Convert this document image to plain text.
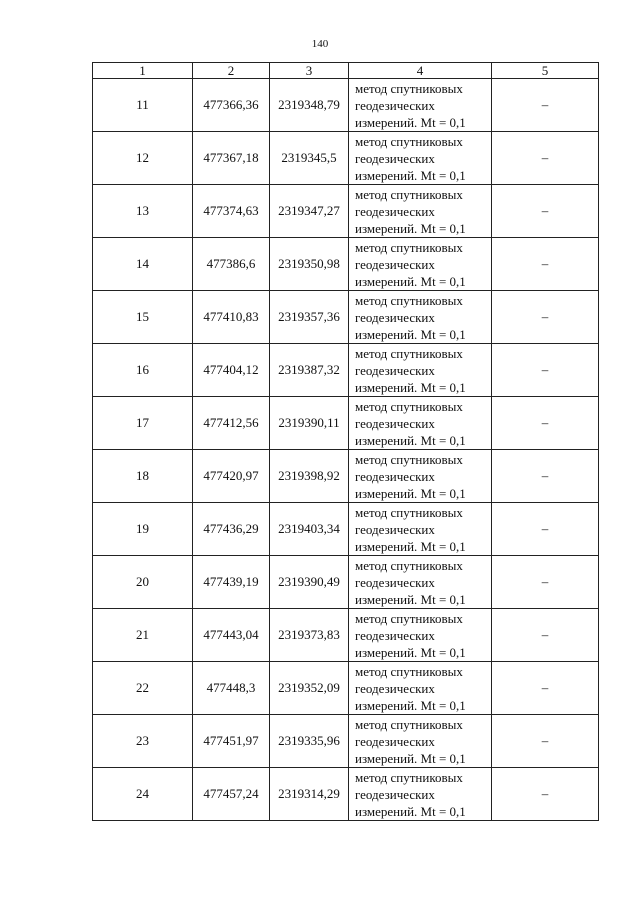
140
1	2	3	4	5
11	477366,36	2319348,79	метод спутниковых
геодезических
измерений. Mt = 0,1	–
12	477367,18	2319345,5	метод спутниковых
геодезических
измерений. Mt = 0,1	–
13	477374,63	2319347,27	метод спутниковых
геодезических
измерений. Mt = 0,1	–
14	477386,6	2319350,98	метод спутниковых
геодезических
измерений. Mt = 0,1	–
15	477410,83	2319357,36	метод спутниковых
геодезических
измерений. Mt = 0,1	–
16	477404,12	2319387,32	метод спутниковых
геодезических
измерений. Mt = 0,1	–
17	477412,56	2319390,11	метод спутниковых
геодезических
измерений. Mt = 0,1	–
18	477420,97	2319398,92	метод спутниковых
геодезических
измерений. Mt = 0,1	–
19	477436,29	2319403,34	метод спутниковых
геодезических
измерений. Mt = 0,1	–
20	477439,19	2319390,49	метод спутниковых
геодезических
измерений. Mt = 0,1	–
21	477443,04	2319373,83	метод спутниковых
геодезических
измерений. Mt = 0,1	–
22	477448,3	2319352,09	метод спутниковых
геодезических
измерений. Mt = 0,1	–
23	477451,97	2319335,96	метод спутниковых
геодезических
измерений. Mt = 0,1	–
24	477457,24	2319314,29	метод спутниковых
геодезических
измерений. Mt = 0,1	–
